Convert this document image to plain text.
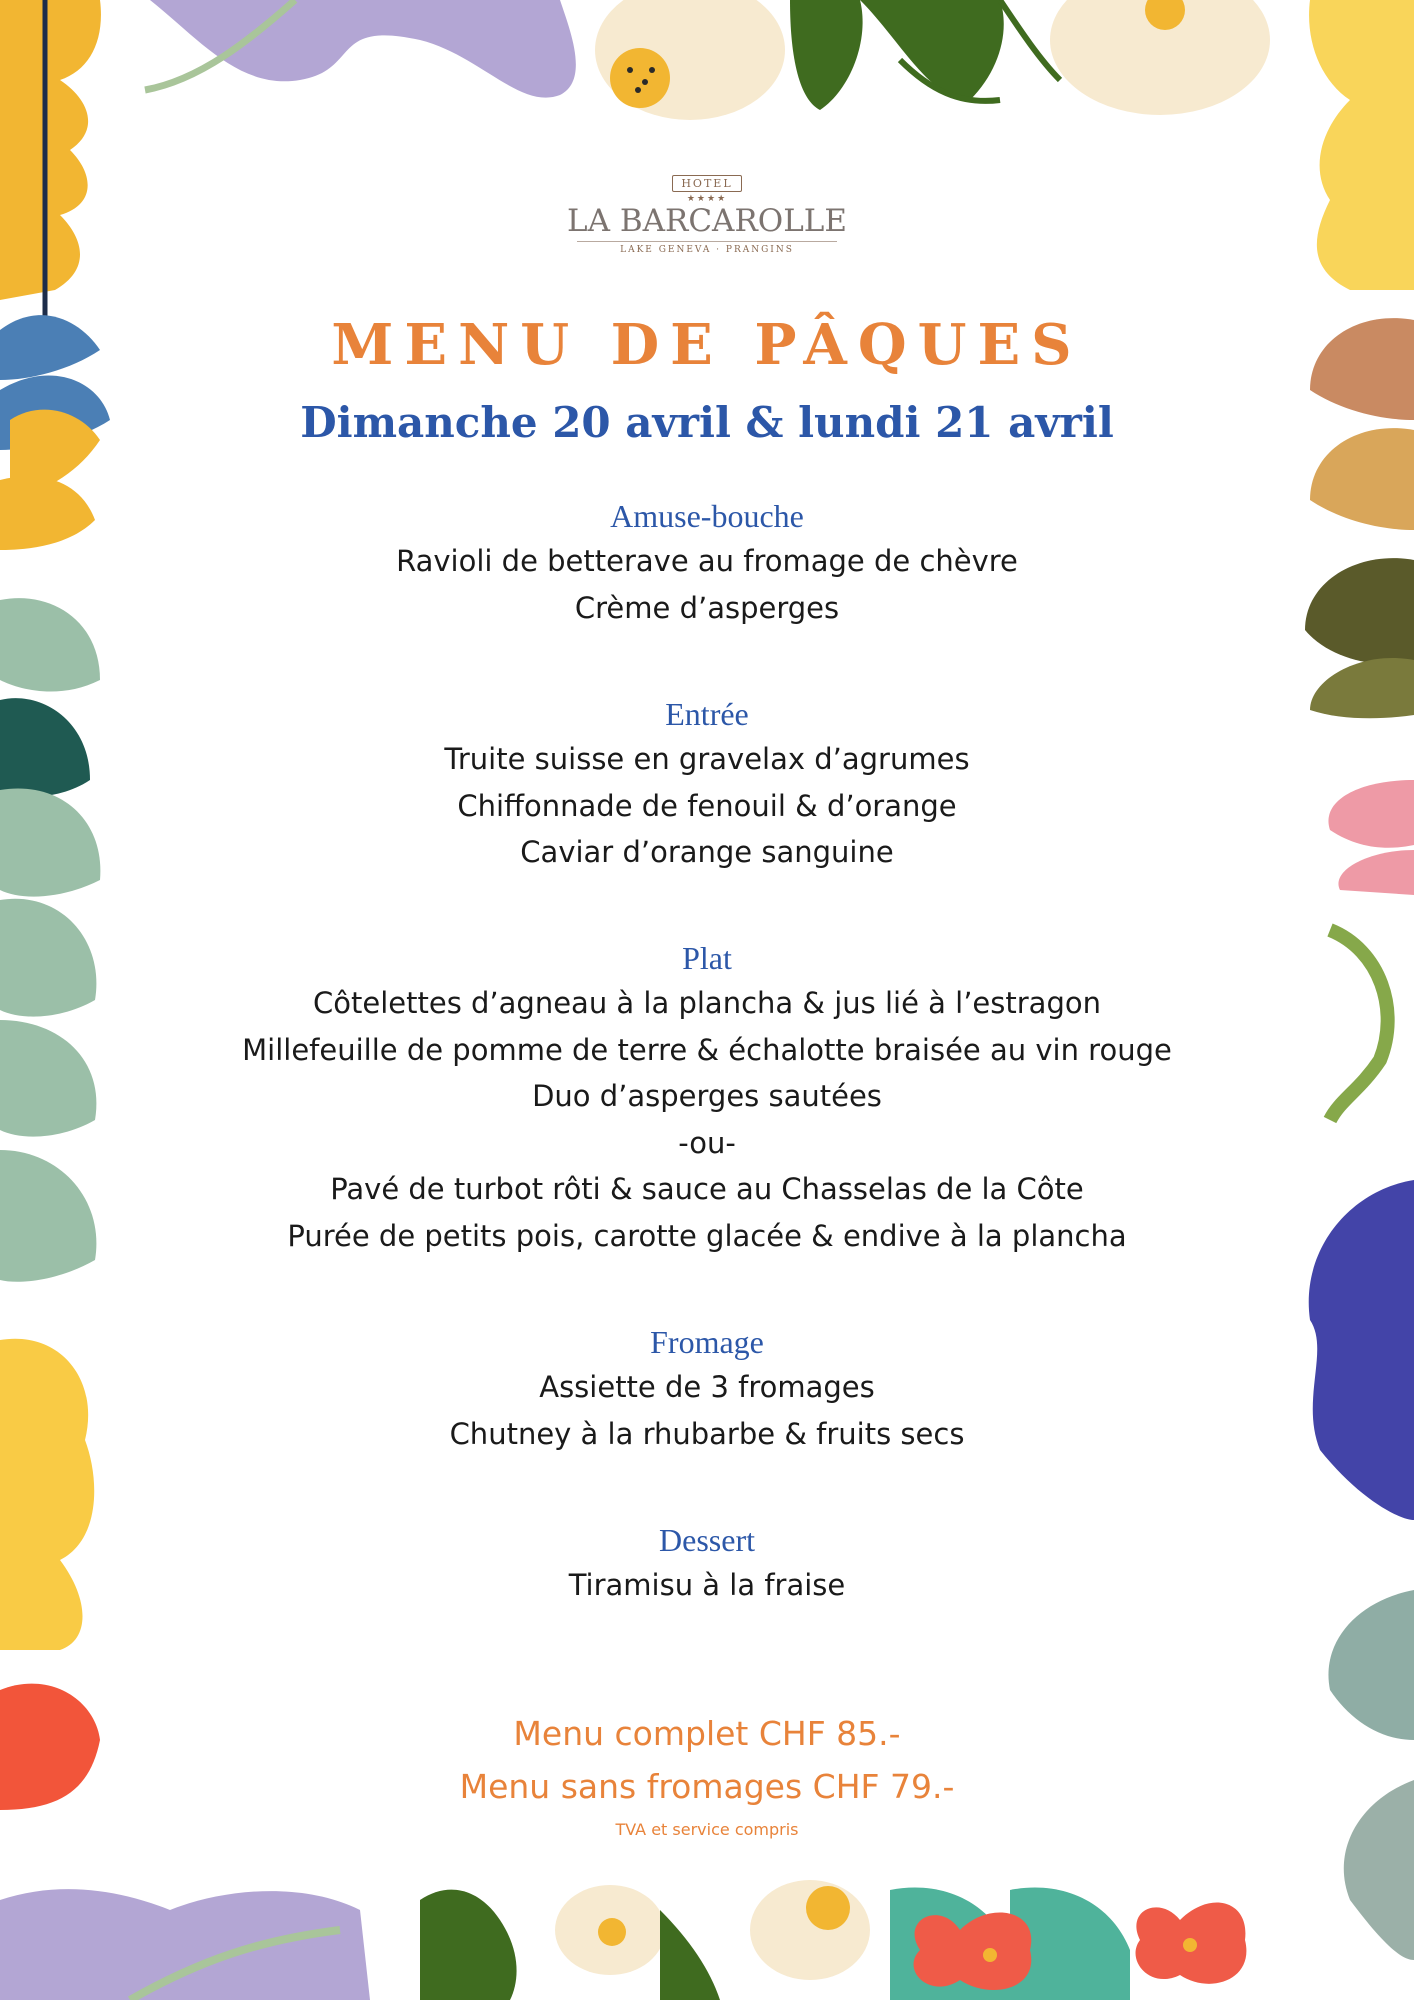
HOTEL
★★★★
LA BARCAROLLE
LAKE GENEVA · PRANGINS
MENU DE PÂQUES
Dimanche 20 avril & lundi 21 avril
Amuse-bouche
Ravioli de betterave au fromage de chèvre
Crème d’asperges
Entrée
Truite suisse en gravelax d’agrumes
Chiffonnade de fenouil & d’orange
Caviar d’orange sanguine
Plat
Côtelettes d’agneau à la plancha & jus lié à l’estragon
Millefeuille de pomme de terre & échalotte braisée au vin rouge
Duo d’asperges sautées
-ou-
Pavé de turbot rôti & sauce au Chasselas de la Côte
Purée de petits pois, carotte glacée & endive à la plancha
Fromage
Assiette de 3 fromages
Chutney à la rhubarbe & fruits secs
Dessert
Tiramisu à la fraise
Menu complet CHF 85.-
Menu sans fromages CHF 79.-
TVA et service compris
